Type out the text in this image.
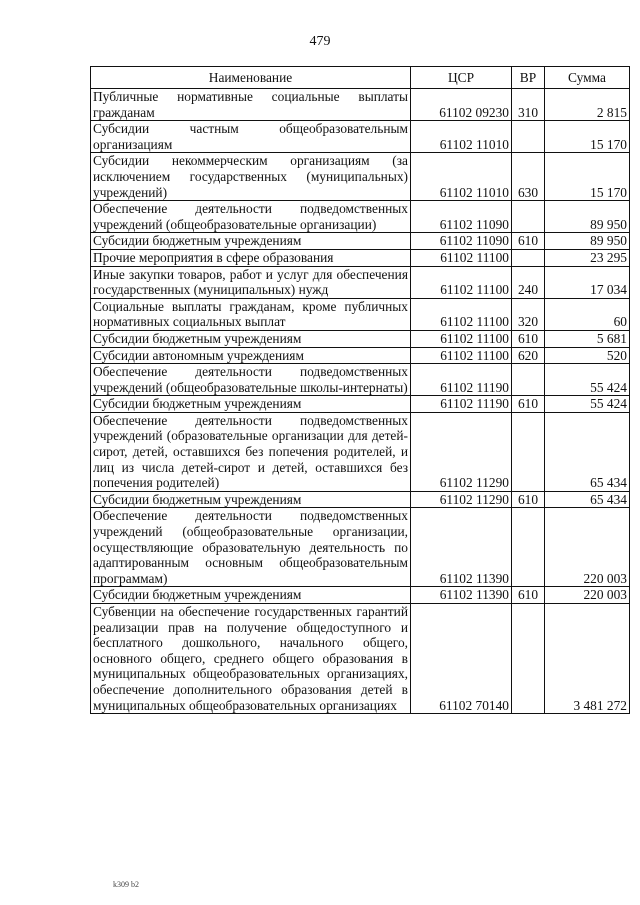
479
Наименование	ЦСР	ВР	Сумма
Публичные нормативные социальные выплаты гражданам	61102 09230	310	2 815
Субсидии частным общеобразовательным организациям	61102 11010		15 170
Субсидии некоммерческим организациям (за исключением государственных (муниципальных) учреждений)	61102 11010	630	15 170
Обеспечение деятельности подведомственных учреждений (общеобразовательные организации)	61102 11090		89 950
Субсидии бюджетным учреждениям	61102 11090	610	89 950
Прочие мероприятия в сфере образования	61102 11100		23 295
Иные закупки товаров, работ и услуг для обеспечения государственных (муниципальных) нужд	61102 11100	240	17 034
Социальные выплаты гражданам, кроме публичных нормативных социальных выплат	61102 11100	320	60
Субсидии бюджетным учреждениям	61102 11100	610	5 681
Субсидии автономным учреждениям	61102 11100	620	520
Обеспечение деятельности подведомственных учреждений (общеобразовательные школы-интернаты)	61102 11190		55 424
Субсидии бюджетным учреждениям	61102 11190	610	55 424
Обеспечение деятельности подведомственных учреждений (образовательные организации для детей-сирот, детей, оставшихся без попечения родителей, и лиц из числа детей-сирот и детей, оставшихся без попечения родителей)	61102 11290		65 434
Субсидии бюджетным учреждениям	61102 11290	610	65 434
Обеспечение деятельности подведомственных учреждений (общеобразовательные организации, осуществляющие образовательную деятельность по адаптированным основным общеобразовательным программам)	61102 11390		220 003
Субсидии бюджетным учреждениям	61102 11390	610	220 003
Субвенции на обеспечение государственных гарантий реализации прав на получение общедоступного и бесплатного дошкольного, начального общего, основного общего, среднего общего образования в муниципальных общеобразовательных организациях, обеспечение дополнительного образования детей в муниципальных общеобразовательных организациях	61102 70140		3 481 272
k309 b2
